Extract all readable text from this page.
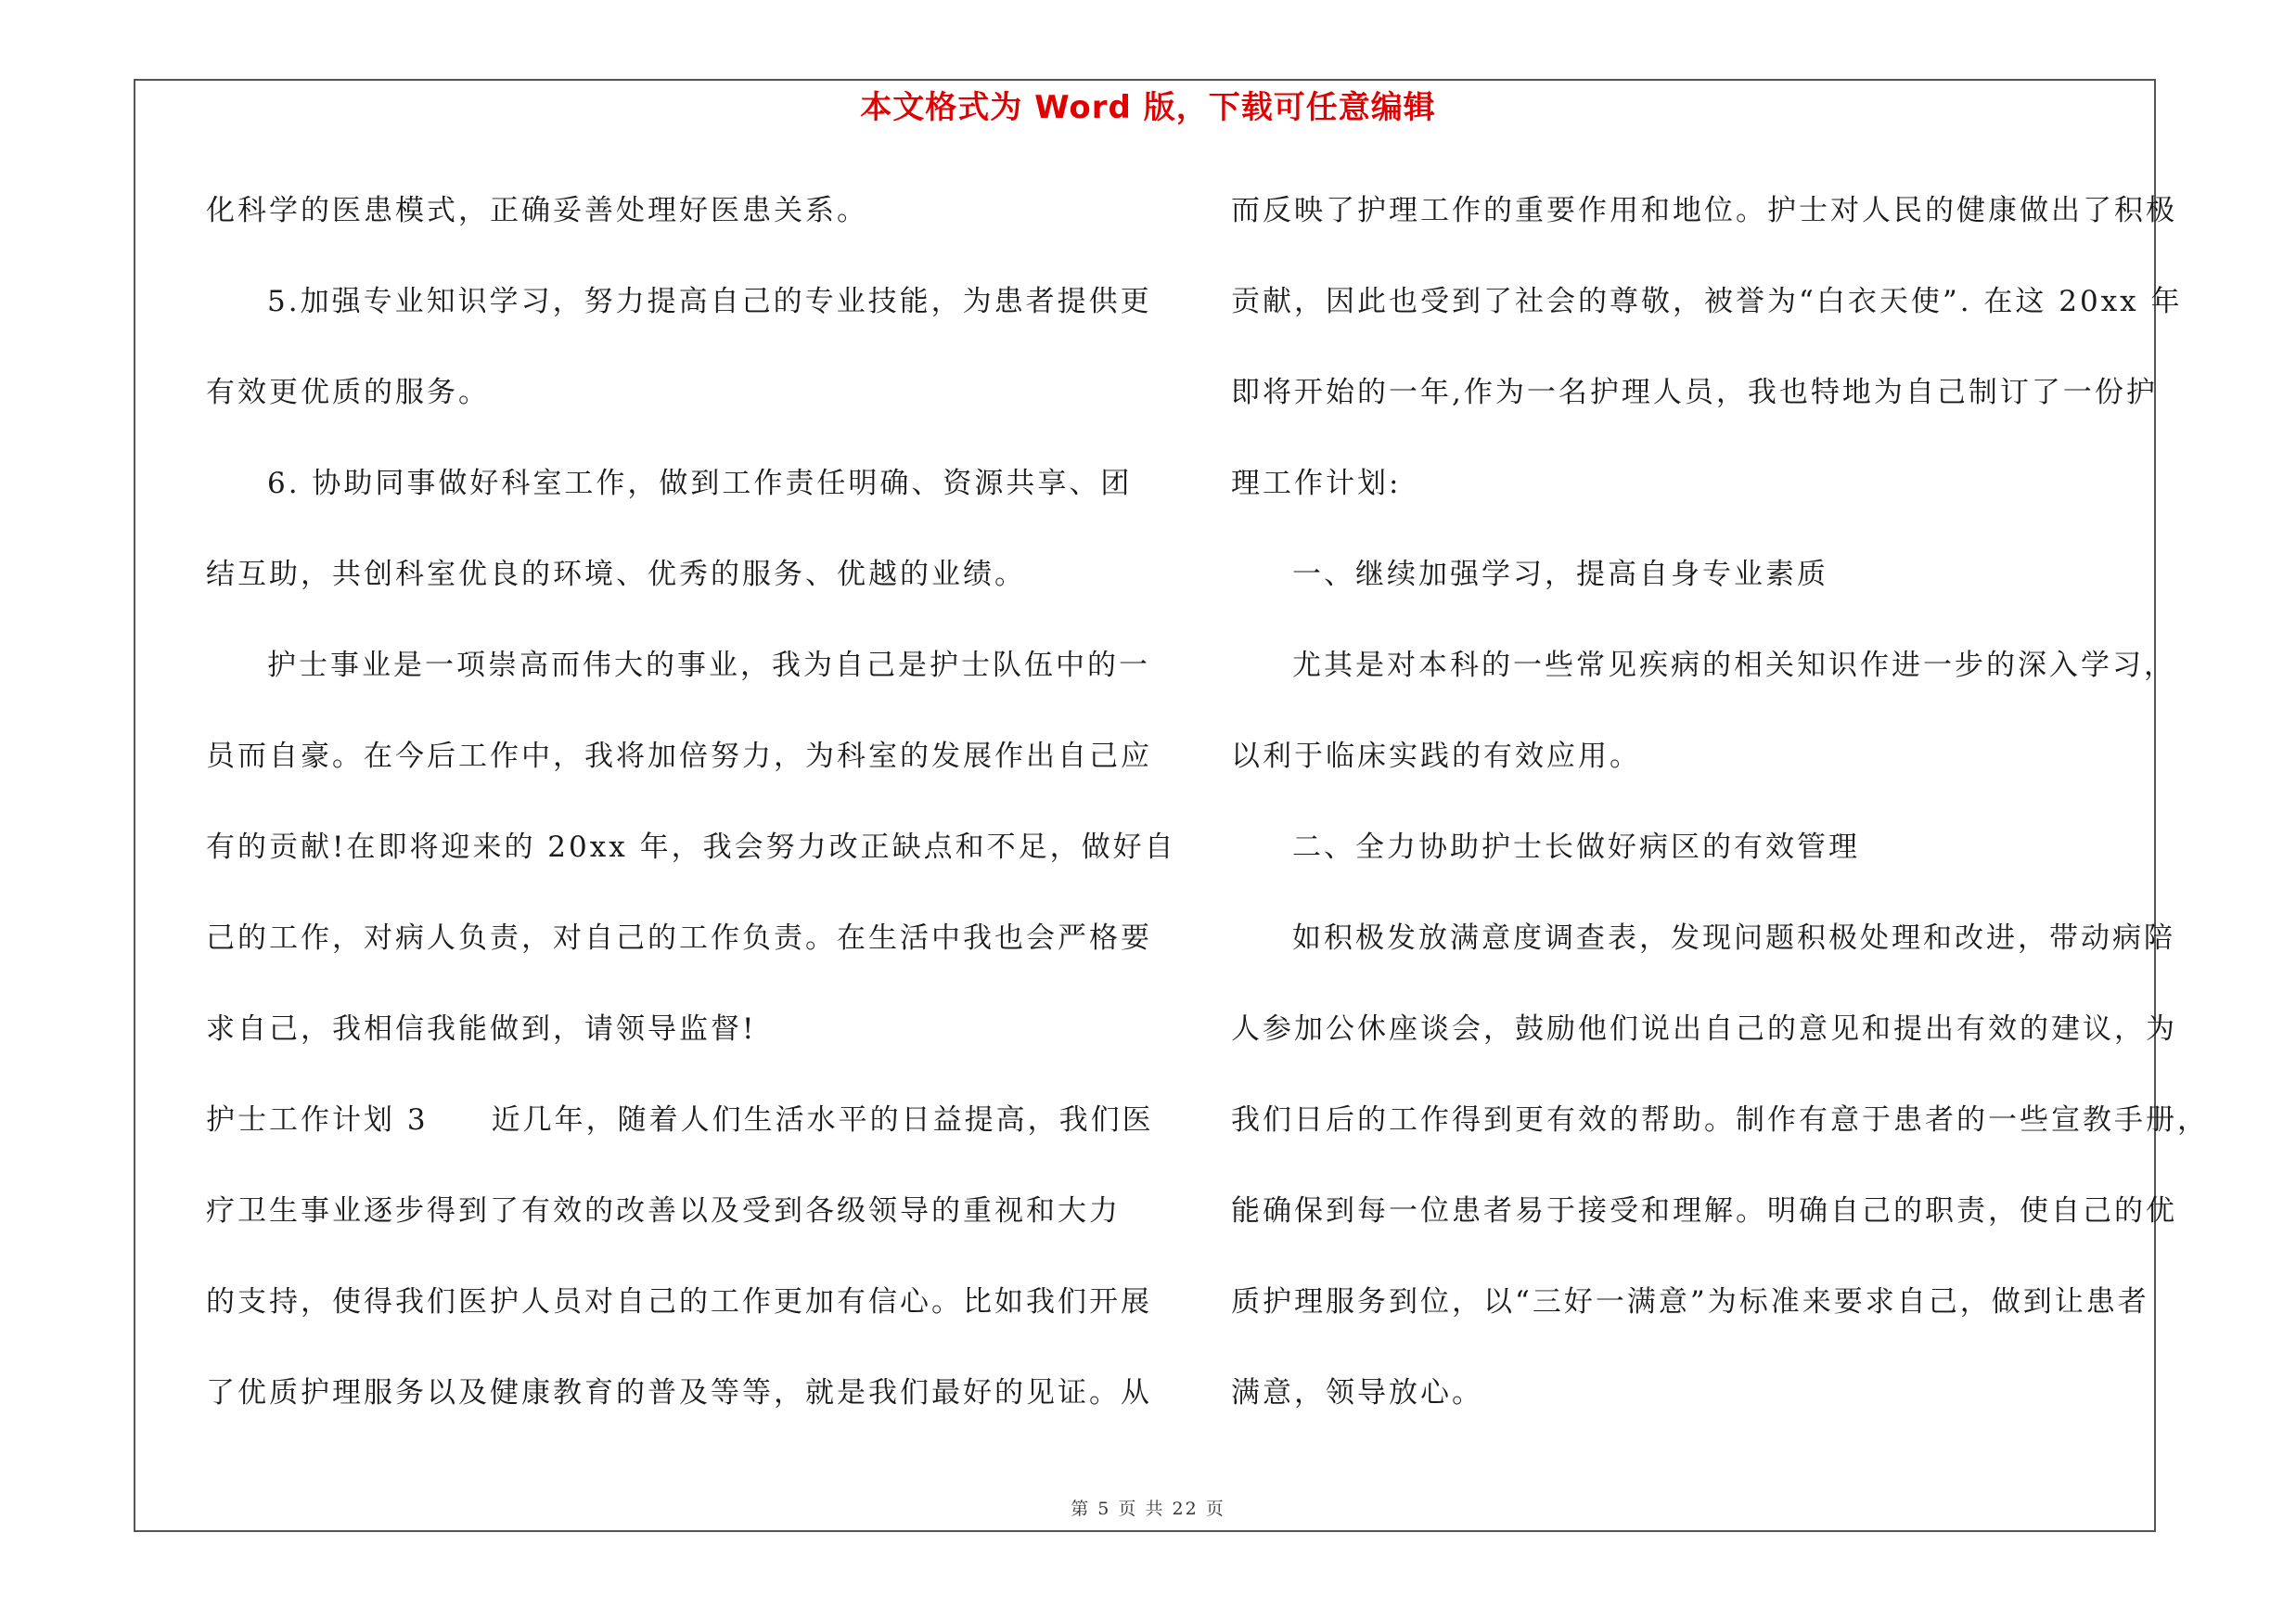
本文格式为 Word 版，下载可任意编辑
化科学的医患模式，正确妥善处理好医患关系。
5.加强专业知识学习，努力提高自己的专业技能，为患者提供更
有效更优质的服务。
6. 协助同事做好科室工作，做到工作责任明确、资源共享、团
结互助，共创科室优良的环境、优秀的服务、优越的业绩。
护士事业是一项崇高而伟大的事业，我为自己是护士队伍中的一
员而自豪。在今后工作中，我将加倍努力，为科室的发展作出自己应
有的贡献!在即将迎来的 20xx 年，我会努力改正缺点和不足，做好自
己的工作，对病人负责，对自己的工作负责。在生活中我也会严格要
求自己，我相信我能做到，请领导监督!
护士工作计划 3　　近几年，随着人们生活水平的日益提高，我们医
疗卫生事业逐步得到了有效的改善以及受到各级领导的重视和大力
的支持，使得我们医护人员对自己的工作更加有信心。比如我们开展
了优质护理服务以及健康教育的普及等等，就是我们最好的见证。从
而反映了护理工作的重要作用和地位。护士对人民的健康做出了积极
贡献，因此也受到了社会的尊敬，被誉为“白衣天使”. 在这 20xx 年
即将开始的一年,作为一名护理人员，我也特地为自己制订了一份护
理工作计划:
一、继续加强学习，提高自身专业素质
尤其是对本科的一些常见疾病的相关知识作进一步的深入学习，
以利于临床实践的有效应用。
二、全力协助护士长做好病区的有效管理
如积极发放满意度调查表，发现问题积极处理和改进，带动病陪
人参加公休座谈会，鼓励他们说出自己的意见和提出有效的建议，为
我们日后的工作得到更有效的帮助。制作有意于患者的一些宣教手册，
能确保到每一位患者易于接受和理解。明确自己的职责，使自己的优
质护理服务到位，以“三好一满意”为标准来要求自己，做到让患者
满意，领导放心。
第 5 页 共 22 页
